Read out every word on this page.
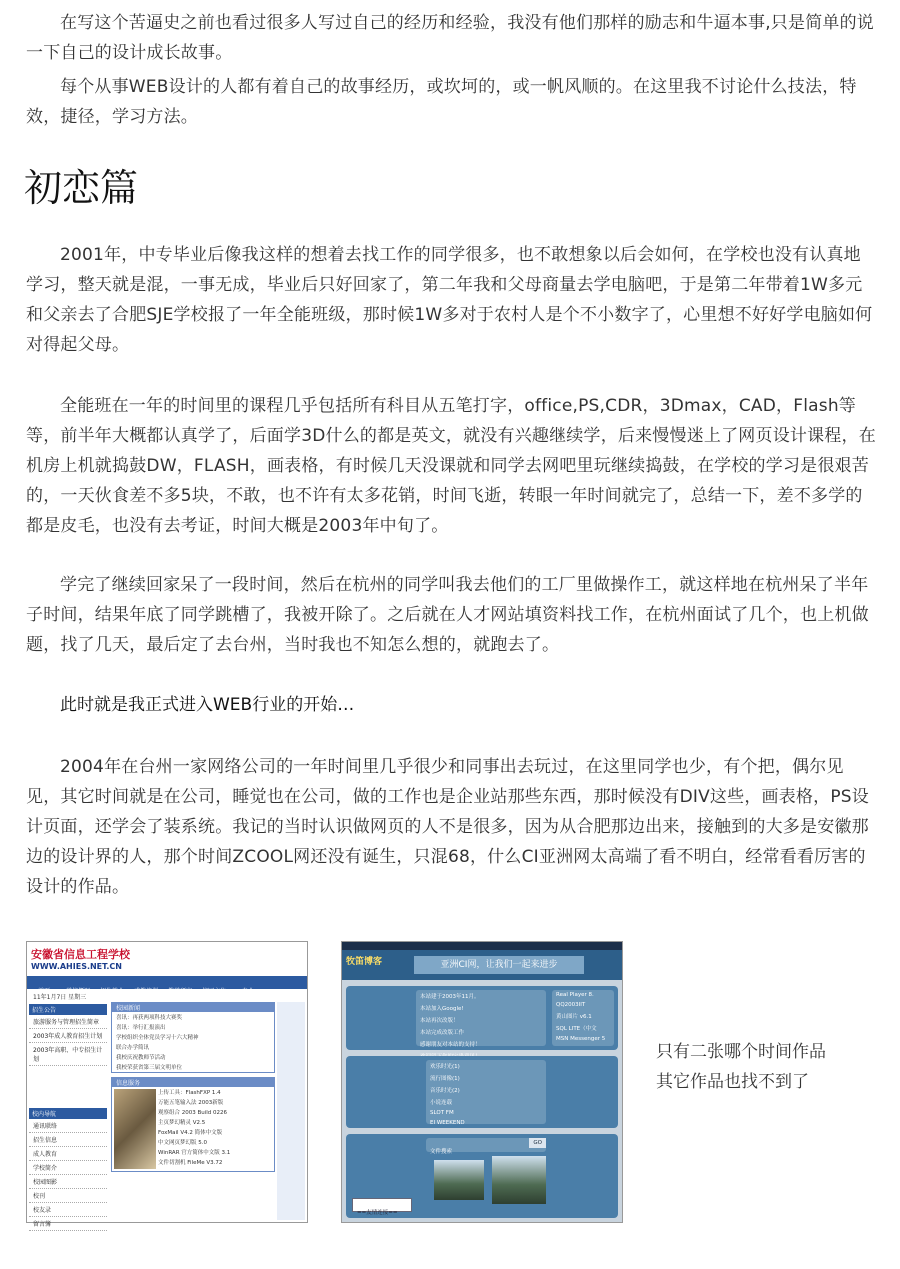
在写这个苦逼史之前也看过很多人写过自己的经历和经验，我没有他们那样的励志和牛逼本事,只是简单的说一下自己的设计成长故事。

每个从事WEB设计的人都有着自己的故事经历，或坎坷的，或一帆风顺的。在这里我不讨论什么技法，特效，捷径，学习方法。

初恋篇

2001年，中专毕业后像我这样的想着去找工作的同学很多，也不敢想象以后会如何，在学校也没有认真地学习，整天就是混，一事无成，毕业后只好回家了，第二年我和父母商量去学电脑吧，于是第二年带着1W多元和父亲去了合肥SJE学校报了一年全能班级，那时候1W多对于农村人是个不小数字了，心里想不好好学电脑如何对得起父母。

全能班在一年的时间里的课程几乎包括所有科目从五笔打字，office,PS,CDR，3Dmax，CAD，Flash等等，前半年大概都认真学了，后面学3D什么的都是英文，就没有兴趣继续学，后来慢慢迷上了网页设计课程，在机房上机就捣鼓DW，FLASH，画表格，有时候几天没课就和同学去网吧里玩继续捣鼓，在学校的学习是很艰苦的，一天伙食差不多5块，不敢，也不许有太多花销，时间飞逝，转眼一年时间就完了，总结一下，差不多学的都是皮毛，也没有去考证，时间大概是2003年中旬了。

学完了继续回家呆了一段时间，然后在杭州的同学叫我去他们的工厂里做操作工，就这样地在杭州呆了半年子时间，结果年底了同学跳槽了，我被开除了。之后就在人才网站填资料找工作，在杭州面试了几个，也上机做题，找了几天，最后定了去台州，当时我也不知怎么想的，就跑去了。

此时就是我正式进入WEB行业的开始…

2004年在台州一家网络公司的一年时间里几乎很少和同事出去玩过，在这里同学也少，有个把，偶尔见见，其它时间就是在公司，睡觉也在公司，做的工作也是企业站那些东西，那时候没有DIV这些，画表格，PS设计页面，还学会了装系统。我记的当时认识做网页的人不是很多，因为从合肥那边出来，接触到的大多是安徽那边的设计界的人，那个时间ZCOOL网还没有诞生，只混68，什么CI亚洲网太高端了看不明白，经常看看厉害的设计的作品。

安徽省信息工程学校
WWW.AHIES.NET.CN
首页	学校概况 招生就业 成教培训 教学研究 校园文化	专业
11年1月7日 星期三
招生公告
旅游服务与管理招生简章
2003年成人教育招生计划
2003年高职、中专招生计划
校内导航
通讯联络
招生信息
成人教育
学校简介
校园图影
校刊
校友录
留言簿
校园新闻
喜讯：再获两项科技大赛奖
喜讯：举行汇报演出
学校组织全体党员学习十六大精神
联合办学简讯
我校庆祝教师节活动
我校荣获省第三届文明单位
信息服务
上传工具：FlashFXP 1.4
万能五笔输入法 2003新版
观察组合 2003 Build 0226
主页梦幻精灵 V2.5
FoxMail V4.2 简体中文版
中文网页梦幻版 5.0
WinRAR 官方简体中文版 3.1
文件切割机 FileMe V3.72
牧笛博客	亚洲CI网，让我们一起来进步
本站建于2003年11月。
本站加入Google!
本站再次改版！
本站完成改版工作
感谢朋友对本站的支持！
Real Player 8.
QQ2003IIT
黄山图片 v6.1
SQL LITE（中文
MSN Messenger 5
欢乐时光(1)
流行图像(1)
音乐时光(2)
小说连载
SLOT FM
EI WEEKEND
文件搜索
GO
==友情连接==
只有二张哪个时间作品
其它作品也找不到了
